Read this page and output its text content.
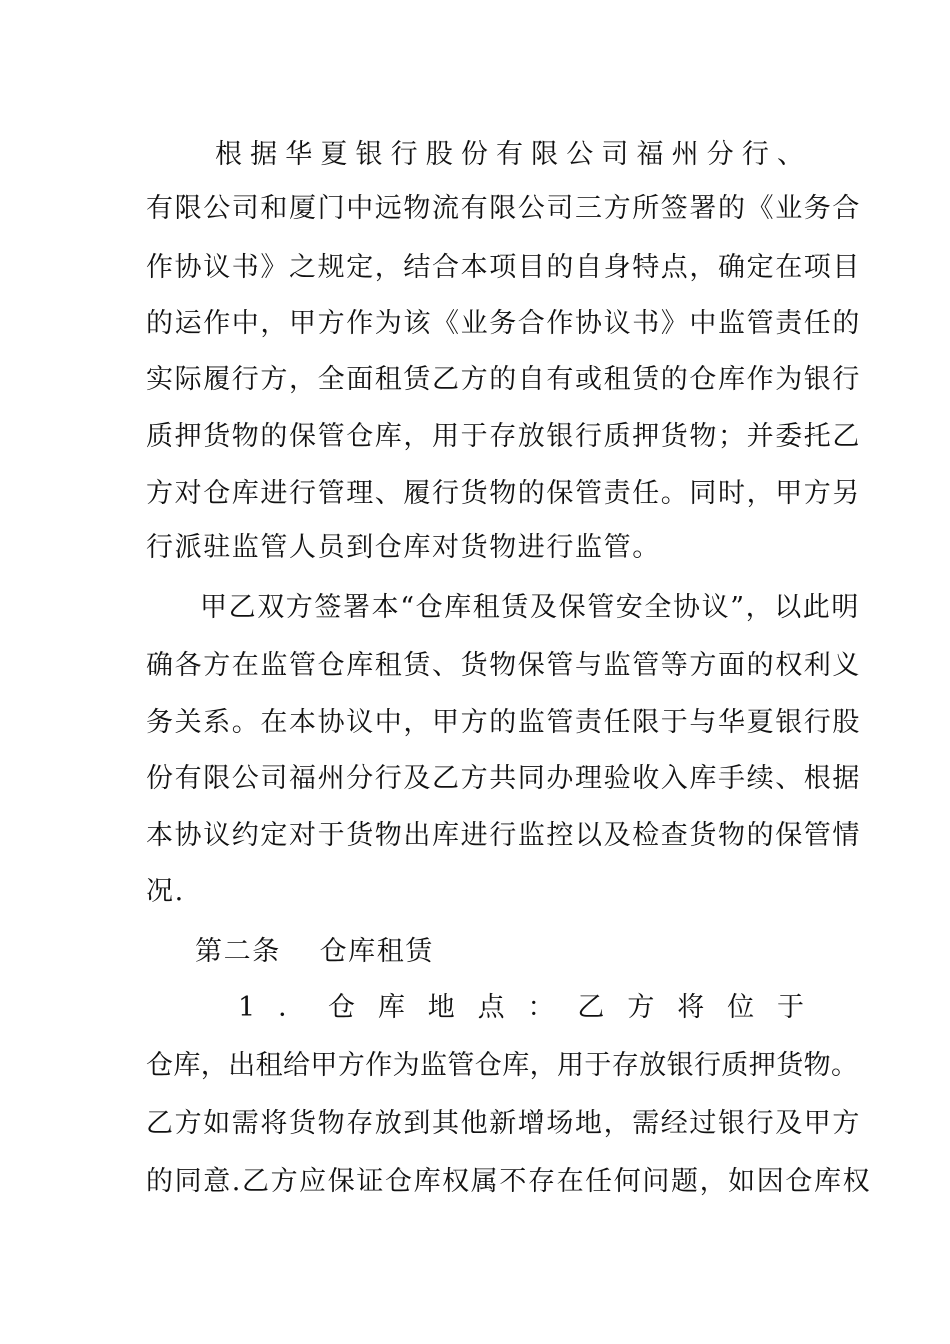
根 据 华 夏 银 行 股 份 有 限 公 司 福 州 分 行 、
有限公司和厦门中远物流有限公司三方所签署的《业务合
作协议书》之规定，结合本项目的自身特点，确定在项目
的运作中，甲方作为该《业务合作协议书》中监管责任的
实际履行方，全面租赁乙方的自有或租赁的仓库作为银行
质押货物的保管仓库，用于存放银行质押货物；并委托乙
方对仓库进行管理、履行货物的保管责任。同时，甲方另
行派驻监管人员到仓库对货物进行监管。
甲乙双方签署本“仓库租赁及保管安全协议”，以此明
确各方在监管仓库租赁、货物保管与监管等方面的权利义
务关系。在本协议中，甲方的监管责任限于与华夏银行股
份有限公司福州分行及乙方共同办理验收入库手续、根据
本协议约定对于货物出库进行监控以及检查货物的保管情
况.
第二条　 仓库租赁
1 ． 仓 库 地 点 ： 乙 方 将 位 于
仓库，出租给甲方作为监管仓库，用于存放银行质押货物。
乙方如需将货物存放到其他新增场地，需经过银行及甲方
的同意.乙方应保证仓库权属不存在任何问题，如因仓库权
